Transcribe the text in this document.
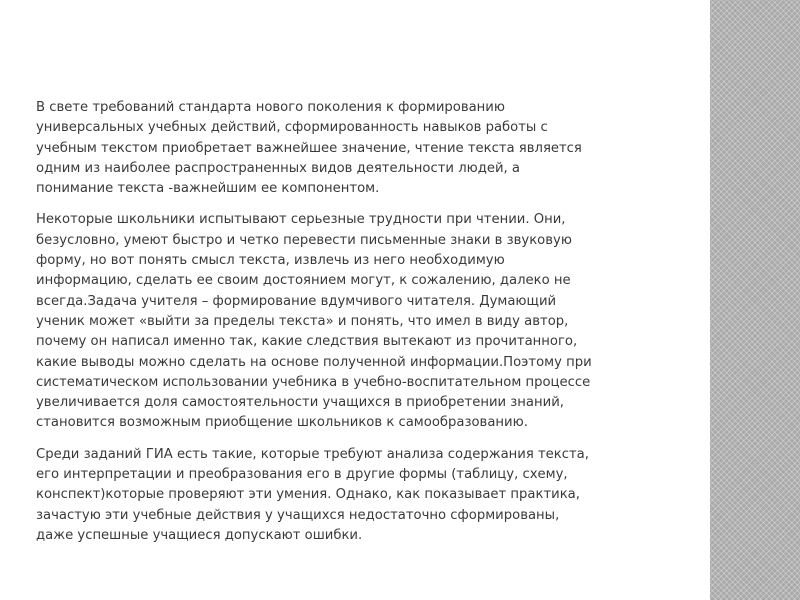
В свете требований стандарта нового поколения к формированию
универсальных учебных действий, сформированность навыков работы с
учебным текстом приобретает важнейшее значение, чтение текста является
одним из наиболее распространенных видов деятельности людей, а
понимание текста -важнейшим ее компонентом.

Некоторые школьники испытывают серьезные трудности при чтении. Они,
безусловно, умеют быстро и четко перевести письменные знаки в звуковую
форму, но вот понять смысл текста, извлечь из него необходимую
информацию, сделать ее своим достоянием могут, к сожалению, далеко не
всегда.Задача учителя – формирование вдумчивого читателя. Думающий
ученик может «выйти за пределы текста» и понять, что имел в виду автор,
почему он написал именно так, какие следствия вытекают из прочитанного,
какие выводы можно сделать на основе полученной информации.Поэтому при
систематическом использовании учебника в учебно-воспитательном процессе
увеличивается доля самостоятельности учащихся в приобретении знаний,
становится возможным приобщение школьников к самообразованию.

Среди заданий ГИА есть такие, которые требуют анализа содержания текста,
его интерпретации и преобразования его в другие формы (таблицу, схему,
конспект)которые проверяют эти умения. Однако, как показывает практика,
зачастую эти учебные действия у учащихся недостаточно сформированы,
даже успешные учащиеся допускают ошибки.
